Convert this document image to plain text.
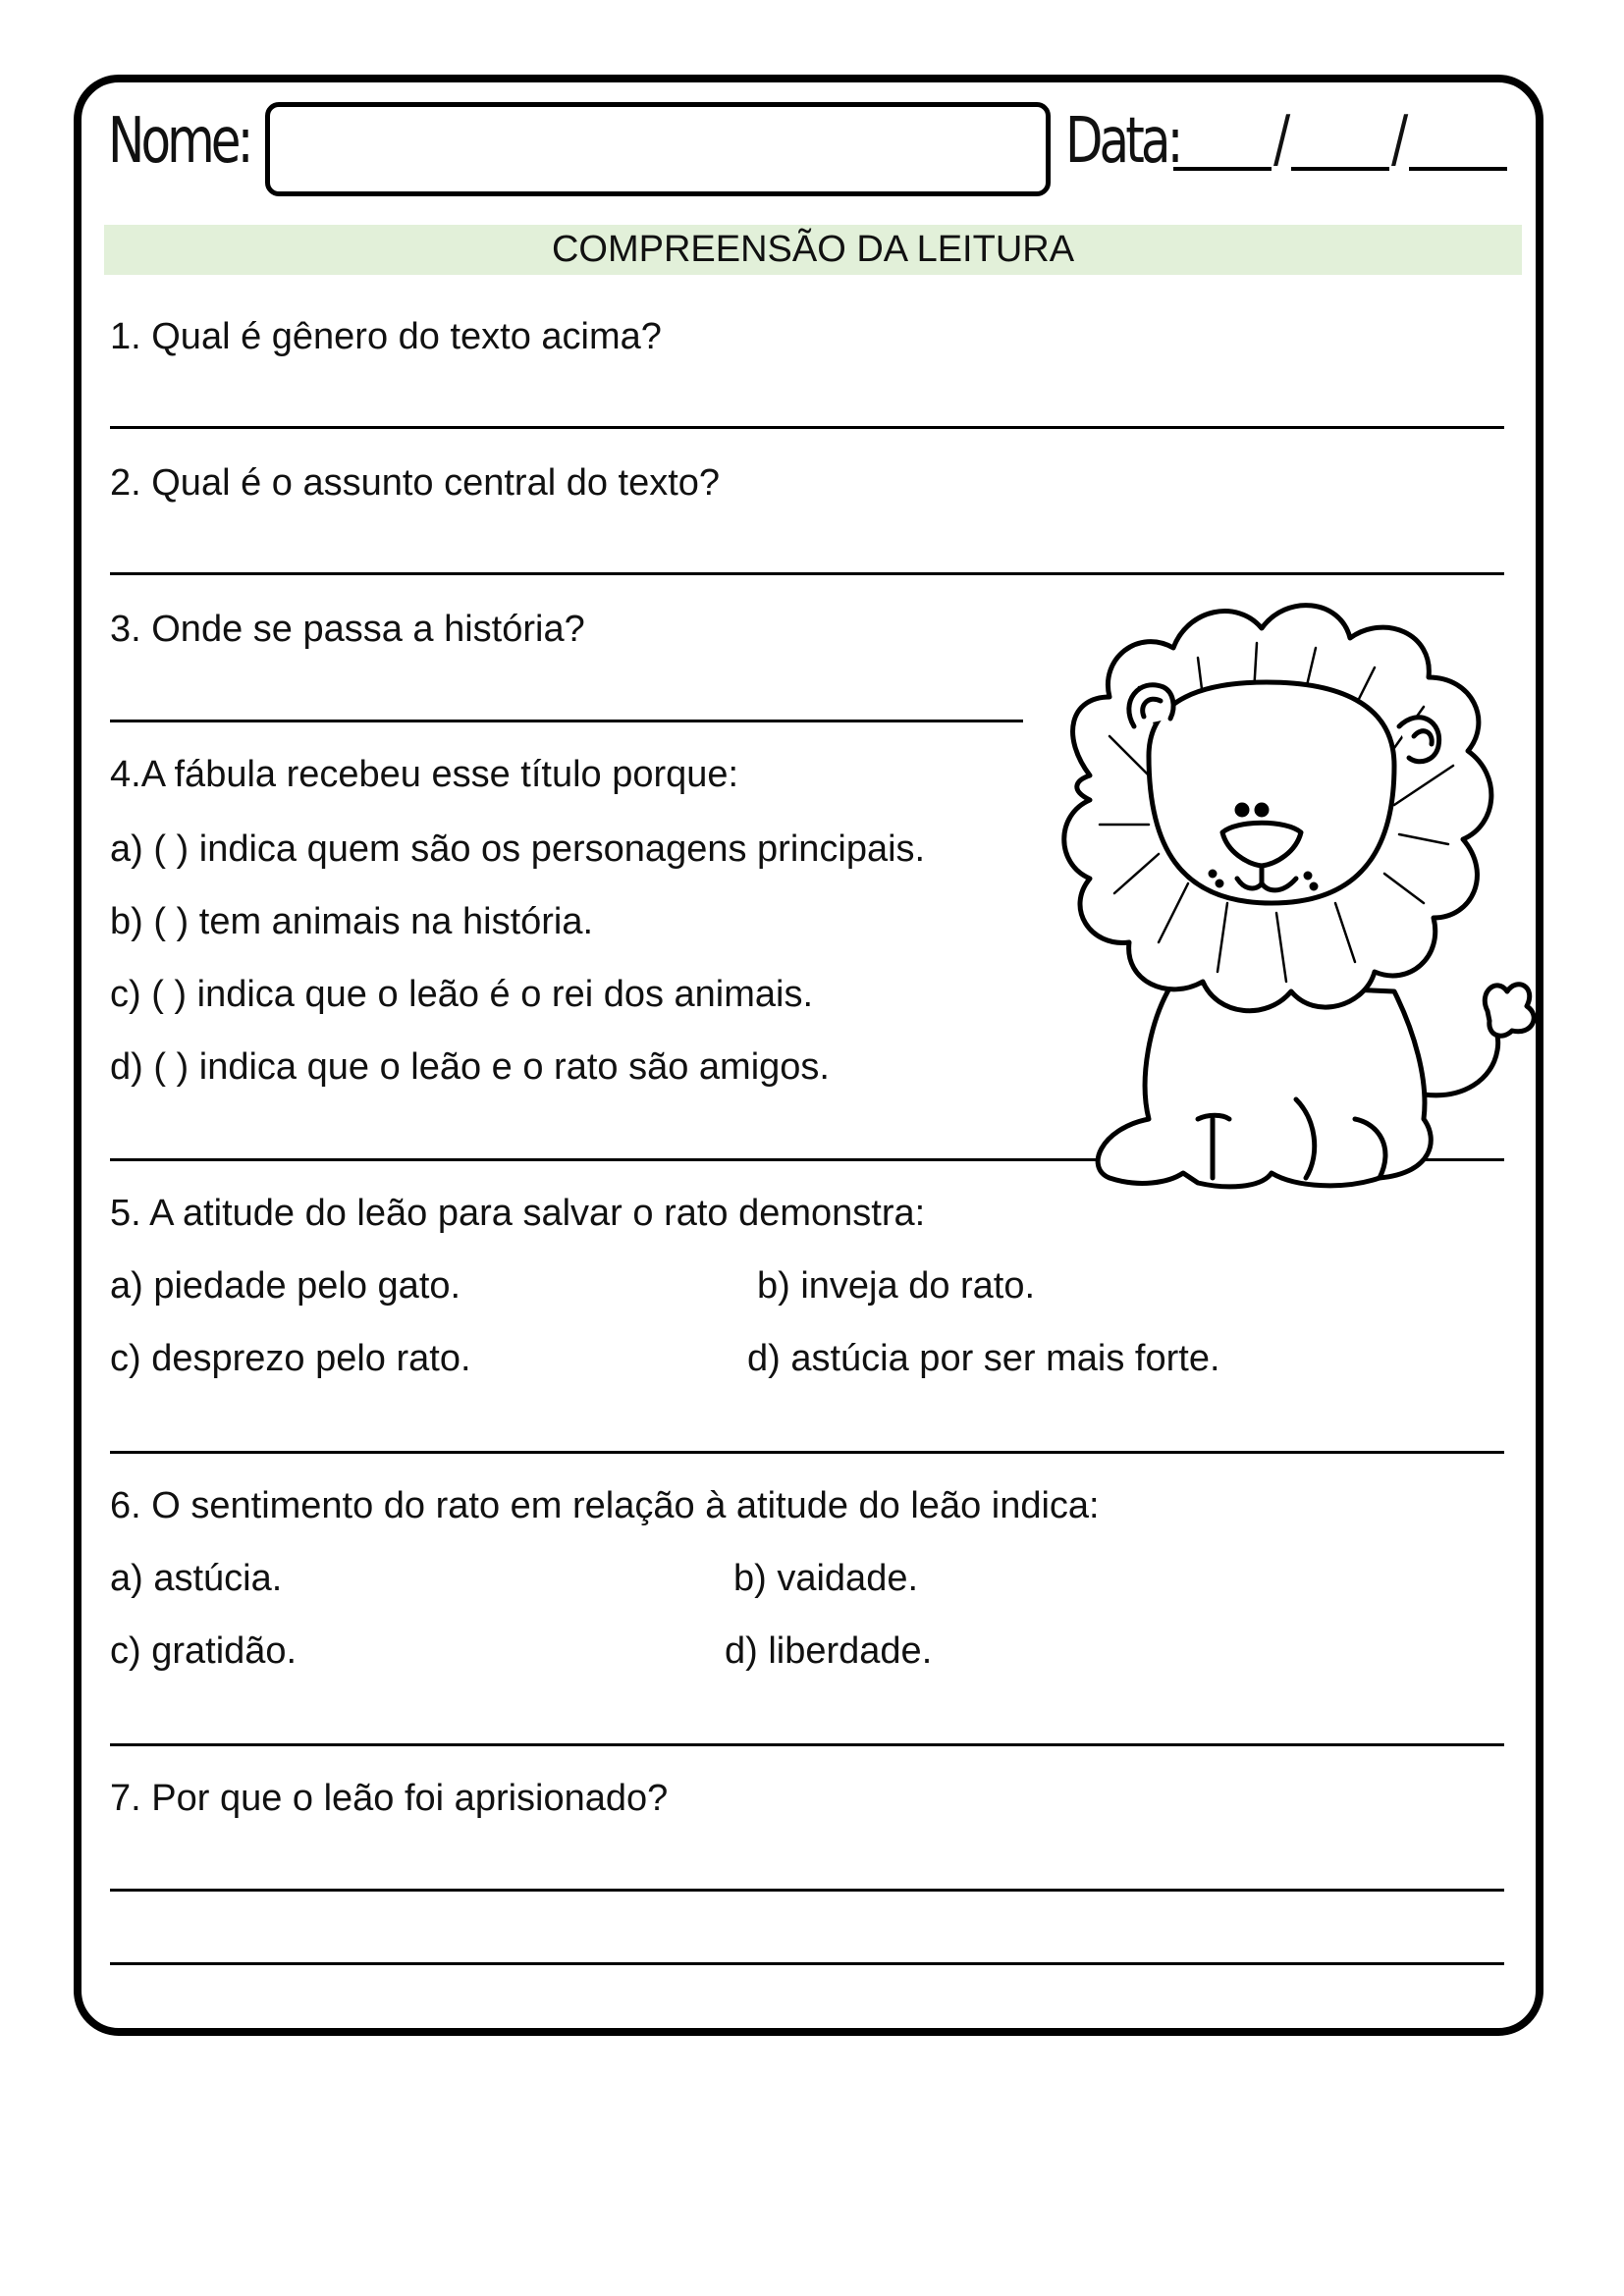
Nome:	Data:	/ /
COMPREENSÃO DA LEITURA
1. Qual é gênero do texto acima?
2. Qual é o assunto central do texto?
3. Onde se passa a história?
4.A fábula recebeu esse título porque:
a) ( ) indica quem são os personagens principais.
b) ( ) tem animais na história.
c) ( ) indica que o leão é o rei dos animais.
d) ( ) indica que o leão e o rato são amigos.
5. A atitude do leão para salvar o rato demonstra:
a) piedade pelo gato.	b) inveja do rato.
c) desprezo pelo rato.	d) astúcia por ser mais forte.
6. O sentimento do rato em relação à atitude do leão indica:
a) astúcia.	b) vaidade.
c) gratidão.	d) liberdade.
7. Por que o leão foi aprisionado?
